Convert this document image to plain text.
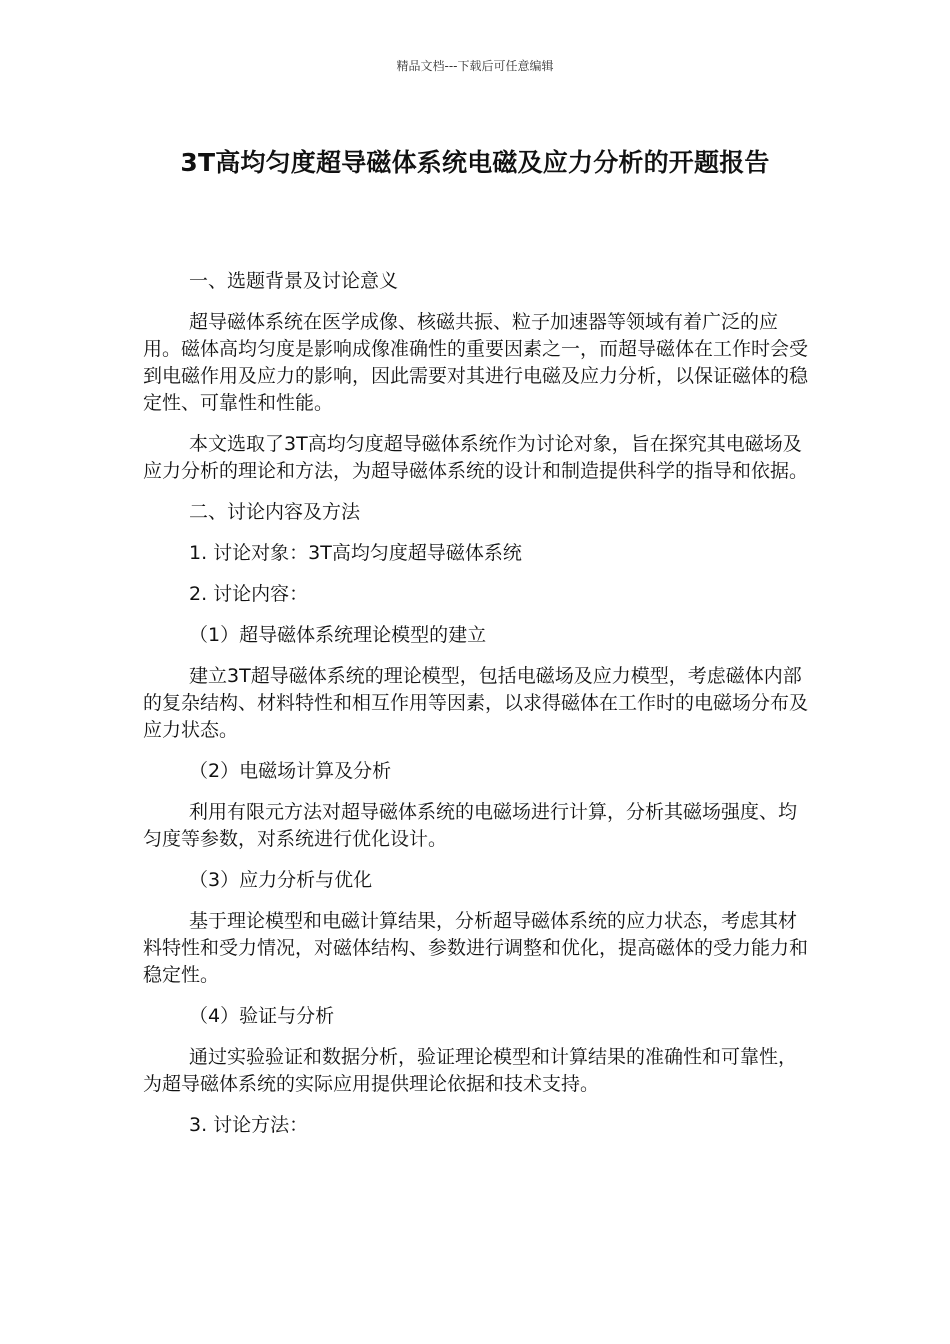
精品文档---下载后可任意编辑
3T高均匀度超导磁体系统电磁及应力分析的开题报告

一、选题背景及讨论意义

超导磁体系统在医学成像、核磁共振、粒子加速器等领域有着广泛的应用。磁体高均匀度是影响成像准确性的重要因素之一，而超导磁体在工作时会受到电磁作用及应力的影响，因此需要对其进行电磁及应力分析，以保证磁体的稳定性、可靠性和性能。

本文选取了3T高均匀度超导磁体系统作为讨论对象，旨在探究其电磁场及应力分析的理论和方法，为超导磁体系统的设计和制造提供科学的指导和依据。

二、讨论内容及方法

1. 讨论对象：3T高均匀度超导磁体系统

2. 讨论内容：

（1）超导磁体系统理论模型的建立

建立3T超导磁体系统的理论模型，包括电磁场及应力模型，考虑磁体内部的复杂结构、材料特性和相互作用等因素，以求得磁体在工作时的电磁场分布及应力状态。

（2）电磁场计算及分析

利用有限元方法对超导磁体系统的电磁场进行计算，分析其磁场强度、均匀度等参数，对系统进行优化设计。

（3）应力分析与优化

基于理论模型和电磁计算结果，分析超导磁体系统的应力状态，考虑其材料特性和受力情况，对磁体结构、参数进行调整和优化，提高磁体的受力能力和稳定性。

（4）验证与分析

通过实验验证和数据分析，验证理论模型和计算结果的准确性和可靠性，为超导磁体系统的实际应用提供理论依据和技术支持。

3. 讨论方法：
